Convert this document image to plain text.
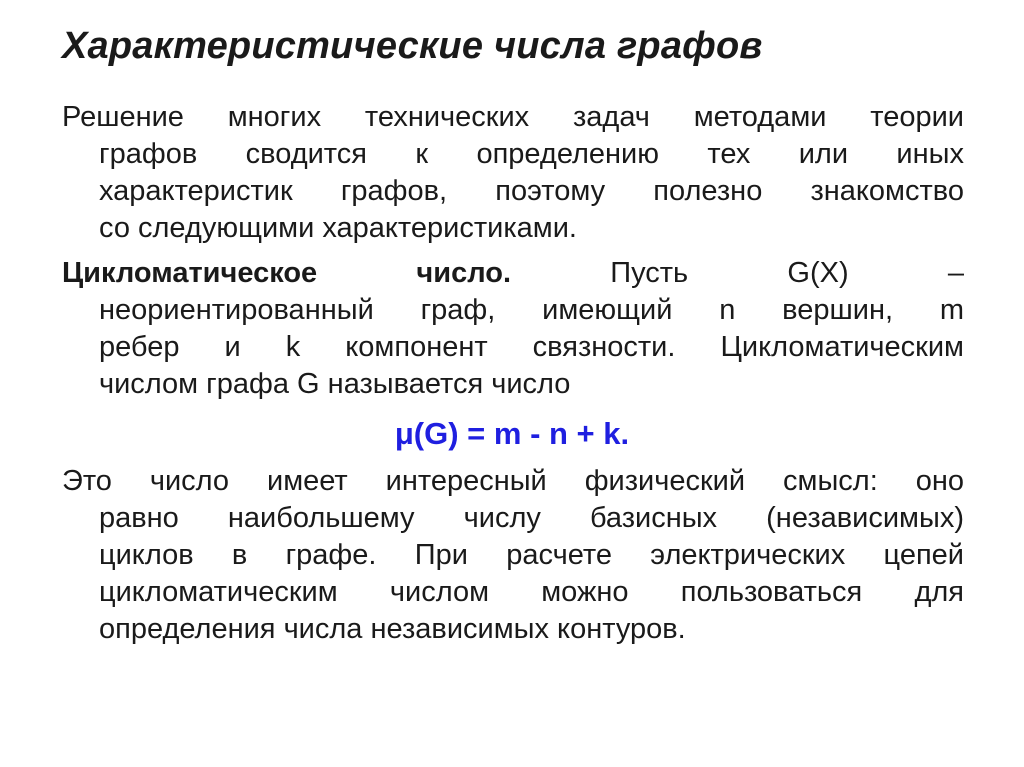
Характеристические числа графов
Решение многих технических задач методами теории
графов сводится к определению тех или иных
характеристик графов, поэтому полезно знакомство
со следующими характеристиками.
Цикломатическое	число.	Пусть	G(X)	–
неориентированный граф, имеющий n вершин, m
ребер и k компонент связности. Цикломатическим
числом графа G называется число

μ(G) = m - n + k.

Это число имеет интересный физический смысл: оно
равно наибольшему числу базисных (независимых)
циклов в графе. При расчете электрических цепей
цикломатическим числом можно пользоваться для
определения числа независимых контуров.
